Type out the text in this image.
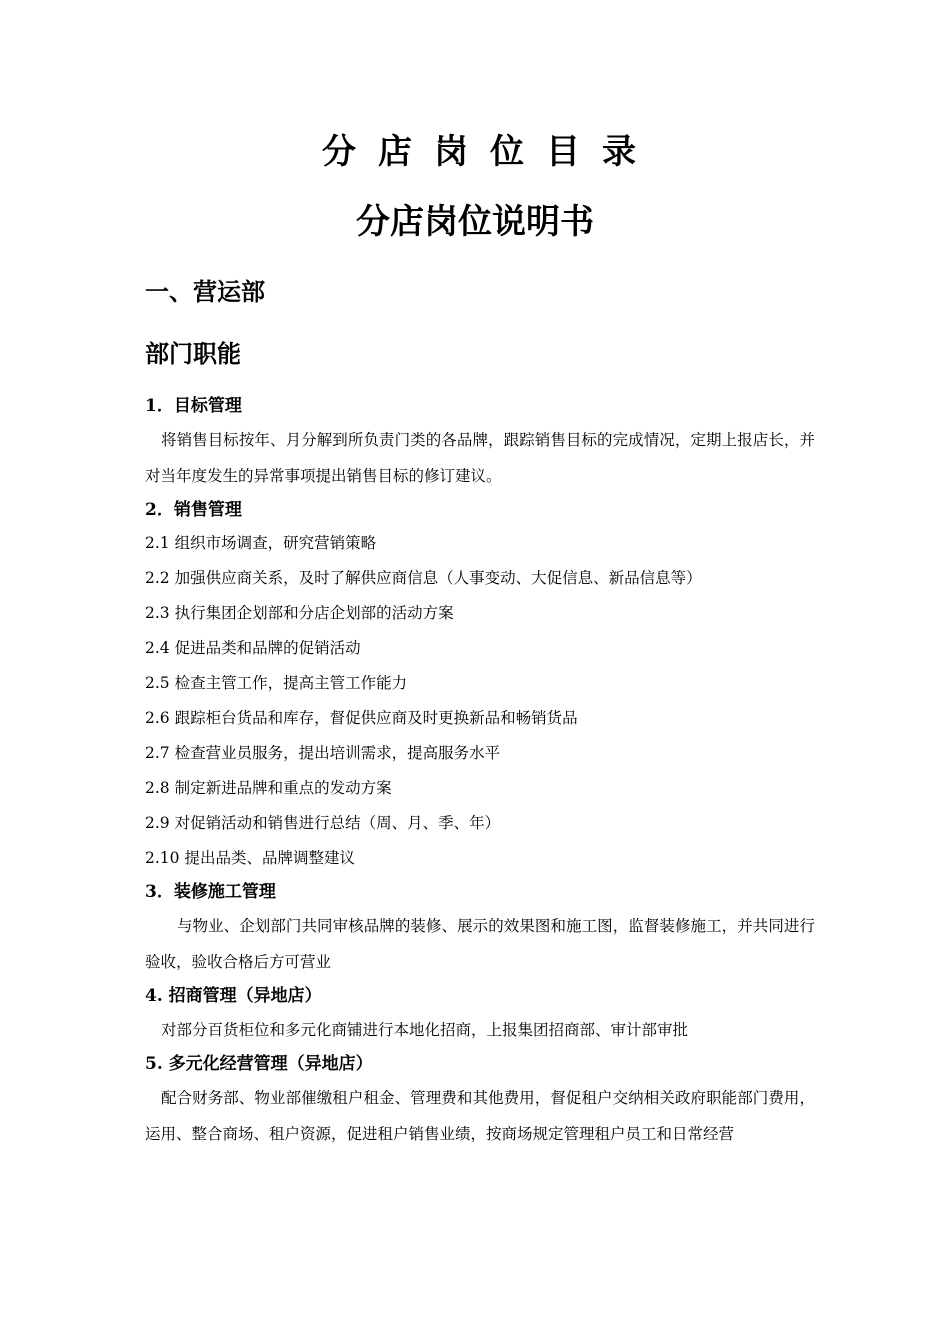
分店岗位目录
分店岗位说明书
一、营运部
部门职能

1．目标管理

将销售目标按年、月分解到所负责门类的各品牌，跟踪销售目标的完成情况，定期上报店长，并对当年度发生的异常事项提出销售目标的修订建议。

2．销售管理

2.1 组织市场调查，研究营销策略

2.2 加强供应商关系，及时了解供应商信息（人事变动、大促信息、新品信息等）

2.3 执行集团企划部和分店企划部的活动方案

2.4 促进品类和品牌的促销活动

2.5 检查主管工作，提高主管工作能力

2.6 跟踪柜台货品和库存，督促供应商及时更换新品和畅销货品

2.7 检查营业员服务，提出培训需求，提高服务水平

2.8 制定新进品牌和重点的发动方案

2.9 对促销活动和销售进行总结（周、月、季、年）

2.10 提出品类、品牌调整建议

3．装修施工管理

与物业、企划部门共同审核品牌的装修、展示的效果图和施工图，监督装修施工，并共同进行验收，验收合格后方可营业

4. 招商管理（异地店）

对部分百货柜位和多元化商铺进行本地化招商，上报集团招商部、审计部审批

5. 多元化经营管理（异地店）

配合财务部、物业部催缴租户租金、管理费和其他费用，督促租户交纳相关政府职能部门费用，运用、整合商场、租户资源，促进租户销售业绩，按商场规定管理租户员工和日常经营
